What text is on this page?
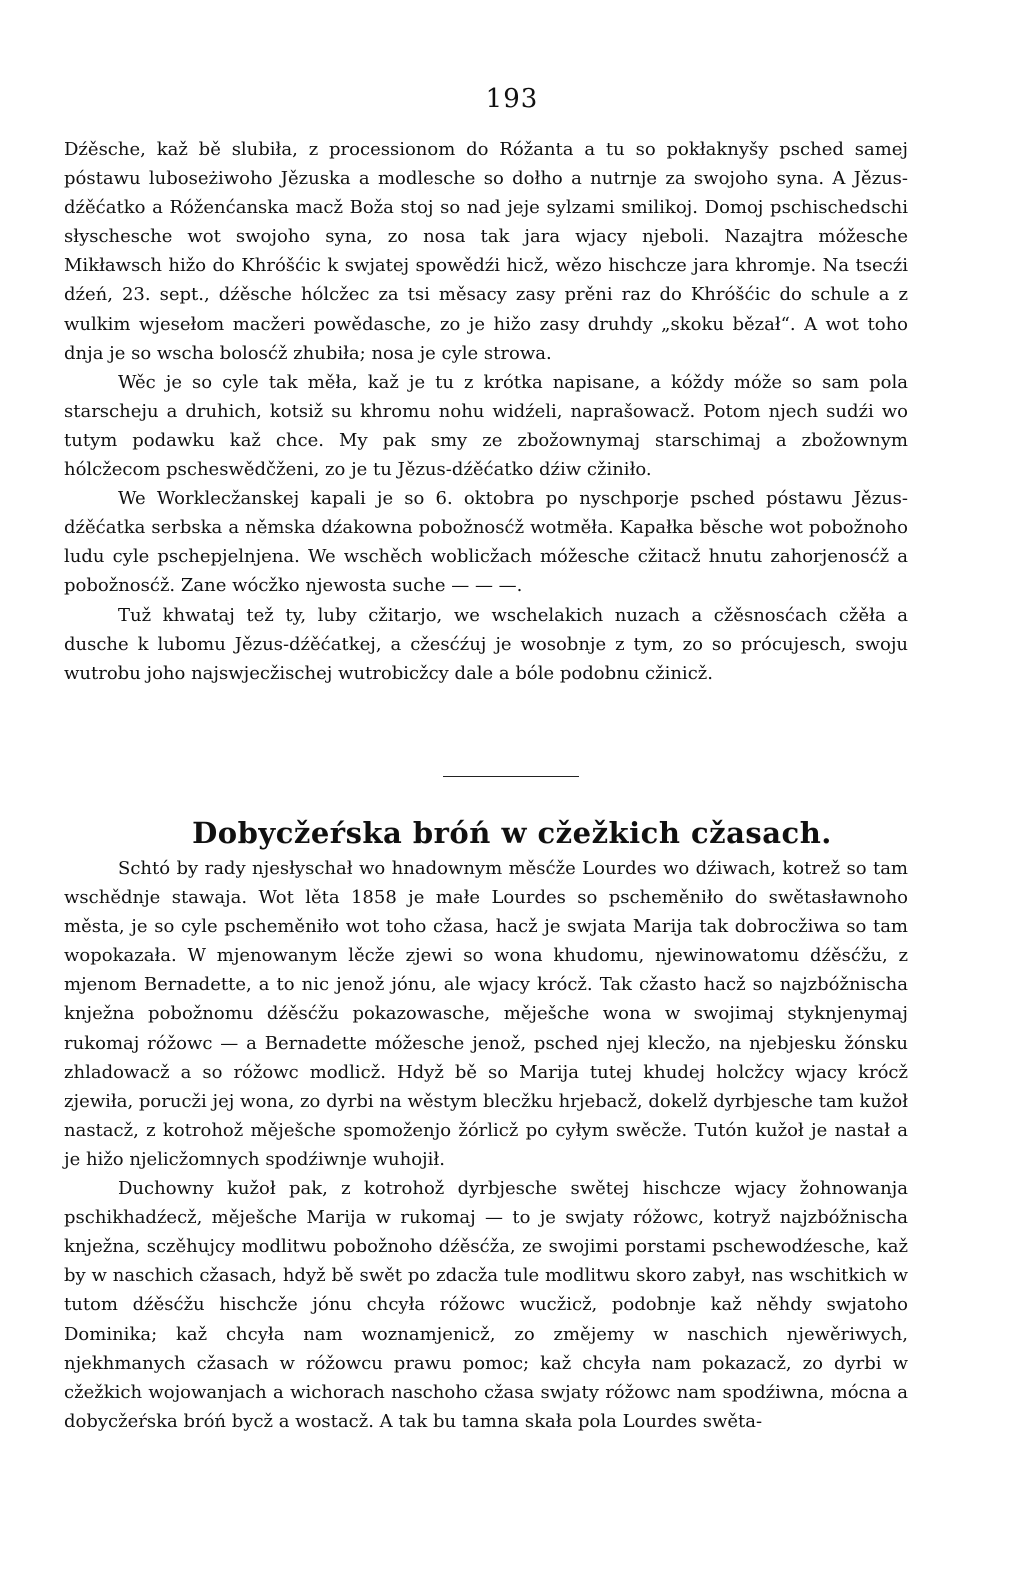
193

Dźěsche, kaž bě slubiła, z processionom do Róžanta a tu so pokłaknyšy psched samej póstawu luboseżiwoho Jězuska a modlesche so dołho a nutrnje za swojoho syna. A Jězus-dźěćatko a Róženćanska macž Boža stoj so nad jeje sylzami smilikoj. Domoj pschischedschi słyschesche wot swojoho syna, zo nosa tak jara wjacy njeboli. Nazajtra móžesche Mikławsch hižo do Khróšćic k swjatej spowědźi hicž, wězo hischcze jara khromje. Na tsecźi dźeń, 23. sept., dźěsche hólcžec za tsi měsacy zasy prěni raz do Khróšćic do schule a z wulkim wjesełom macžeri powědasche, zo je hižo zasy druhdy „skoku bězał“. A wot toho dnja je so wscha bolosćž zhubiła; nosa je cyle strowa.

Wěc je so cyle tak měła, kaž je tu z krótka napisane, a kóždy móže so sam pola starscheju a druhich, kotsiž su khromu nohu widźeli, naprašowacž. Potom njech sudźi wo tutym podawku kaž chce. My pak smy ze zbožownymaj starschimaj a zbožownym hólcžecom pscheswědčženi, zo je tu Jězus-dźěćatko dźiw cžiniło.

We Worklecžanskej kapali je so 6. oktobra po nyschporje psched póstawu Jězus-dźěćatka serbska a němska dźakowna pobožnosćž wotměła. Kapałka běsche wot pobožnoho ludu cyle pschepjelnjena. We wschěch woblicžach móžesche cžitacž hnutu zahorjenosćž a pobožnosćž. Zane wócžko njewosta suche — — —.

Tuž khwataj tež ty, luby cžitarjo, we wschelakich nuzach a cžěsnosćach cžěła a dusche k lubomu Jězus-dźěćatkej, a cžesćźuj je wosobnje z tym, zo so prócujesch, swoju wutrobu joho najswjecžischej wutrobicžcy dale a bóle podobnu cžinicž.

Dobycžeŕska bróń w cžežkich cžasach.

Schtó by rady njesłyschał wo hnadownym měsćže Lourdes wo dźiwach, kotrež so tam wschědnje stawaja. Wot lěta 1858 je małe Lourdes so pschеměniło do swětasławnoho města, je so cyle pschеměniło wot toho cžasa, hacž je swjata Marija tak dobrocžiwa so tam wopokazała. W mjenowanym lěcže zjewi so wona khudomu, njewinowatomu dźěsćžu, z mjenom Bernadette, a to nic jenož jónu, ale wjacy krócž. Tak cžasto hacž so najzbóžnischa knježna pobožnomu dźěsćžu pokazowasche, měješche wona w swojimaj styknjenymaj rukomaj róžowc — a Bernadette móžesche jenož, psched njej klecžo, na njebjesku žónsku zhladowacž a so róžowc modlicž. Hdyž bě so Marija tutej khudej holcžcy wjacy krócž zjewiła, porucži jej wona, zo dyrbi na wěstym blecžku hrjebacž, dokelž dyrbjesche tam kužoł nastacž, z kotrohož měješche spomoženjo žórlicž po cyłym swěcže. Tutón kužoł je nastał a je hižo njelicžomnych spodźiwnje wuhojił.

Duchowny kužoł pak, z kotrohož dyrbjesche swětej hischcze wjacy žohnowanja pschikhadźecž, měješche Marija w rukomaj — to je swjaty róžowc, kotryž najzbóžnischa knježna, sczěhujcy modlitwu pobožnoho dźěsćža, ze swojimi porstami pschеwodźesche, kaž by w naschich cžasach, hdyž bě swět po zdacža tule modlitwu skoro zabył, nas wschitkich w tutom dźěsćžu hischcže jónu chcyła róžowc wucžicž, podobnje kaž něhdy swjatoho Dominika; kaž chcyła nam woznamjenicž, zo změjemy w naschich njewěriwych, njekhmanych cžasach w róžowcu prawu pomoc; kaž chcyła nam pokazacž, zo dyrbi w cžežkich wojowanjach a wichorach naschoho cžasa swjaty róžowc nam spodźiwna, mócna a dobycžeŕska bróń bycž a wostacž. A tak bu tamna skała pola Lourdes swěta-
